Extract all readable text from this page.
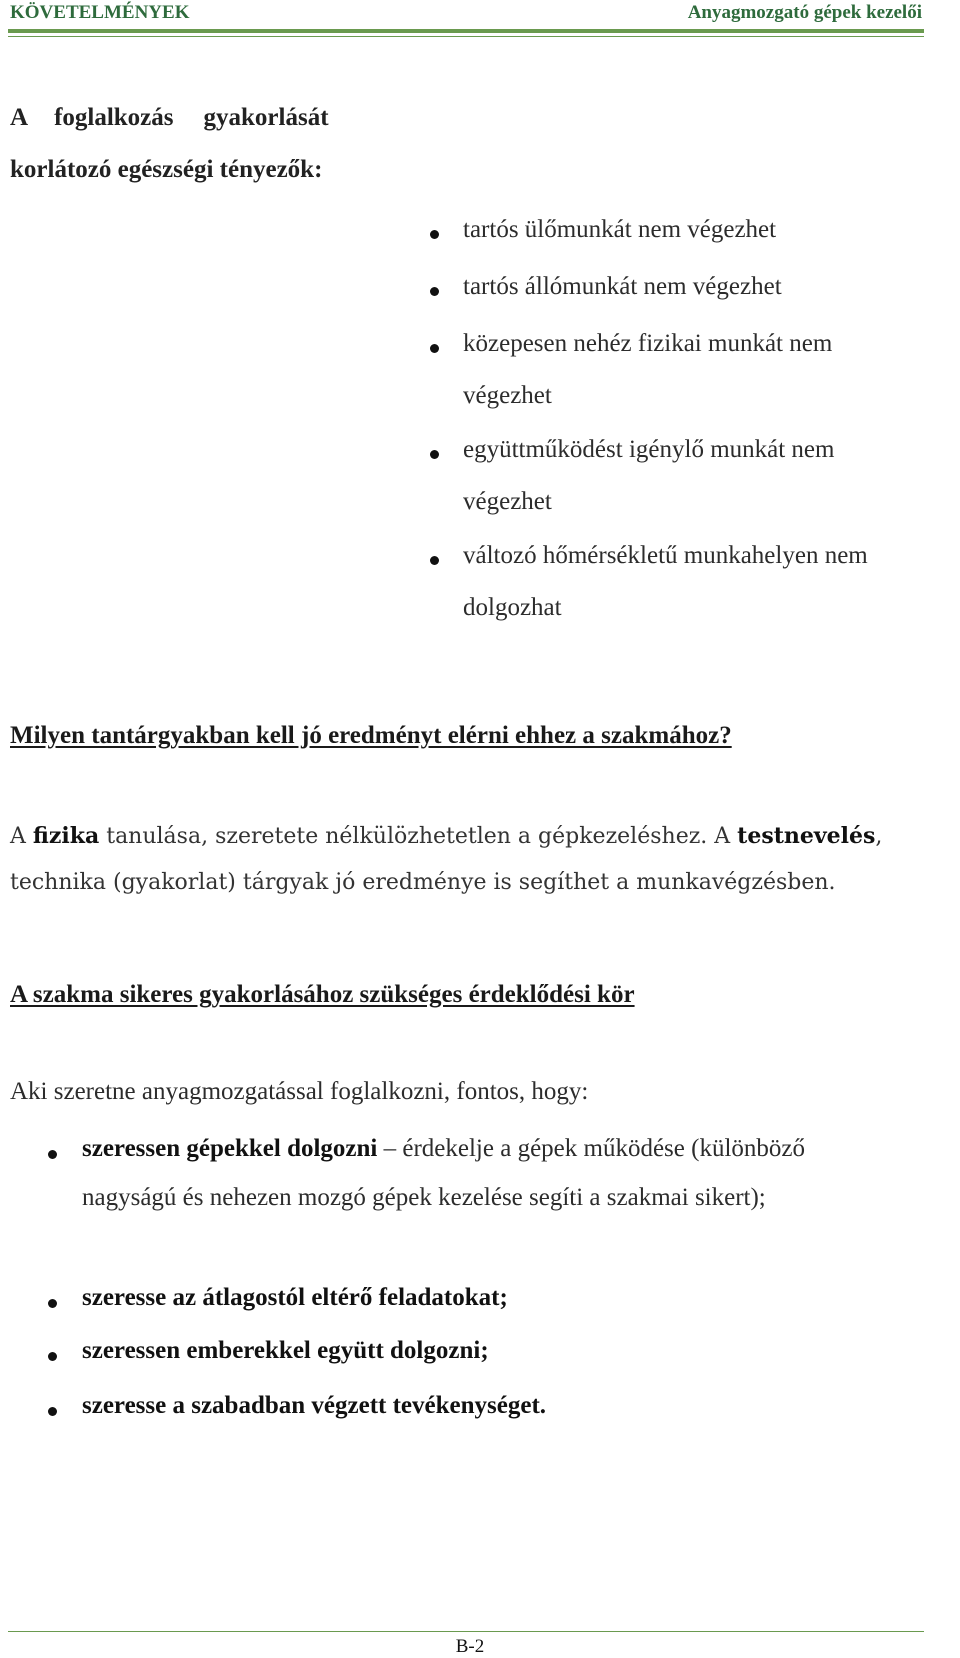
KÖVETELMÉNYEK	Anyagmozgató gépek kezelői
A foglalkozás gyakorlását
korlátozó egészségi tényezők:
tartós ülőmunkát nem végezhet
tartós állómunkát nem végezhet
közepesen nehéz fizikai munkát nem végezhet
együttműködést igénylő munkát nem végezhet
változó hőmérsékletű munkahelyen nem dolgozhat
Milyen tantárgyakban kell jó eredményt elérni ehhez a szakmához?
A fizika tanulása, szeretete nélkülözhetetlen a gépkezeléshez. A testnevelés,
technika (gyakorlat) tárgyak jó eredménye is segíthet a munkavégzésben.
A szakma sikeres gyakorlásához szükséges érdeklődési kör
Aki szeretne anyagmozgatással foglalkozni, fontos, hogy:
szeressen gépekkel dolgozni – érdekelje a gépek működése (különböző nagyságú és nehezen mozgó gépek kezelése segíti a szakmai sikert);
szeresse az átlagostól eltérő feladatokat;
szeressen emberekkel együtt dolgozni;
szeresse a szabadban végzett tevékenységet.
B-2
